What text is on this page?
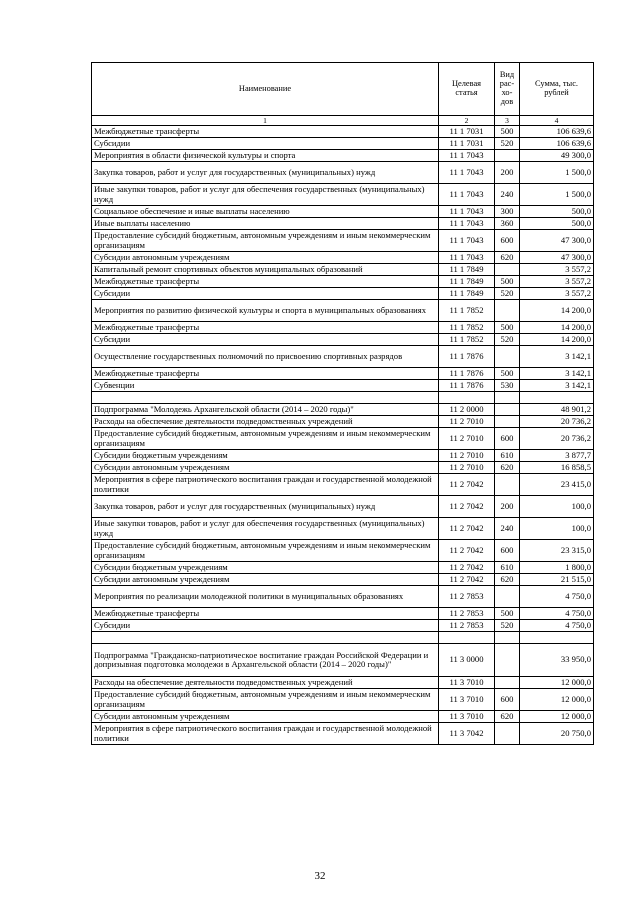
Наименование	Целевая статья	Вид рас- хо- дов	Сумма, тыс. рублей
1	2	3	4
Межбюджетные трансферты	11 1 7031	500	106 639,6
Субсидии	11 1 7031	520	106 639,6
Мероприятия в области физической культуры и спорта	11 1 7043		49 300,0
Закупка товаров, работ и услуг для государственных (муниципальных) нужд	11 1 7043	200	1 500,0
Иные закупки товаров, работ и услуг для обеспечения государственных (муниципальных) нужд	11 1 7043	240	1 500,0
Социальное обеспечение и иные выплаты населению	11 1 7043	300	500,0
Иные выплаты населению	11 1 7043	360	500,0
Предоставление субсидий бюджетным, автономным учреждениям и иным некоммерческим организациям	11 1 7043	600	47 300,0
Субсидии автономным учреждениям	11 1 7043	620	47 300,0
Капитальный ремонт спортивных объектов муниципальных образований	11 1 7849		3 557,2
Межбюджетные трансферты	11 1 7849	500	3 557,2
Субсидии	11 1 7849	520	3 557,2
Мероприятия по развитию физической культуры и спорта в муниципальных образованиях	11 1 7852		14 200,0
Межбюджетные трансферты	11 1 7852	500	14 200,0
Субсидии	11 1 7852	520	14 200,0
Осуществление государственных полномочий по присвоению спортивных разрядов	11 1 7876		3 142,1
Межбюджетные трансферты	11 1 7876	500	3 142,1
Субвенции	11 1 7876	530	3 142,1

Подпрограмма "Молодежь Архангельской области (2014 – 2020 годы)"	11 2 0000		48 901,2
Расходы на обеспечение деятельности подведомственных учреждений	11 2 7010		20 736,2
Предоставление субсидий бюджетным, автономным учреждениям и иным некоммерческим организациям	11 2 7010	600	20 736,2
Субсидии бюджетным учреждениям	11 2 7010	610	3 877,7
Субсидии автономным учреждениям	11 2 7010	620	16 858,5
Мероприятия в сфере патриотического воспитания граждан и государственной молодежной политики	11 2 7042		23 415,0
Закупка товаров, работ и услуг для государственных (муниципальных) нужд	11 2 7042	200	100,0
Иные закупки товаров, работ и услуг для обеспечения государственных (муниципальных) нужд	11 2 7042	240	100,0
Предоставление субсидий бюджетным, автономным учреждениям и иным некоммерческим организациям	11 2 7042	600	23 315,0
Субсидии бюджетным учреждениям	11 2 7042	610	1 800,0
Субсидии автономным учреждениям	11 2 7042	620	21 515,0
Мероприятия по реализации молодежной политики в муниципальных образованиях	11 2 7853		4 750,0
Межбюджетные трансферты	11 2 7853	500	4 750,0
Субсидии	11 2 7853	520	4 750,0

Подпрограмма "Гражданско-патриотическое воспитание граждан Российской Федерации и допризывная подготовка молодежи в Архангельской области (2014 – 2020 годы)"	11 3 0000		33 950,0
Расходы на обеспечение деятельности подведомственных учреждений	11 3 7010		12 000,0
Предоставление субсидий бюджетным, автономным учреждениям и иным некоммерческим организациям	11 3 7010	600	12 000,0
Субсидии автономным учреждениям	11 3 7010	620	12 000,0
Мероприятия в сфере патриотического воспитания граждан и государственной молодежной политики	11 3 7042		20 750,0
32
